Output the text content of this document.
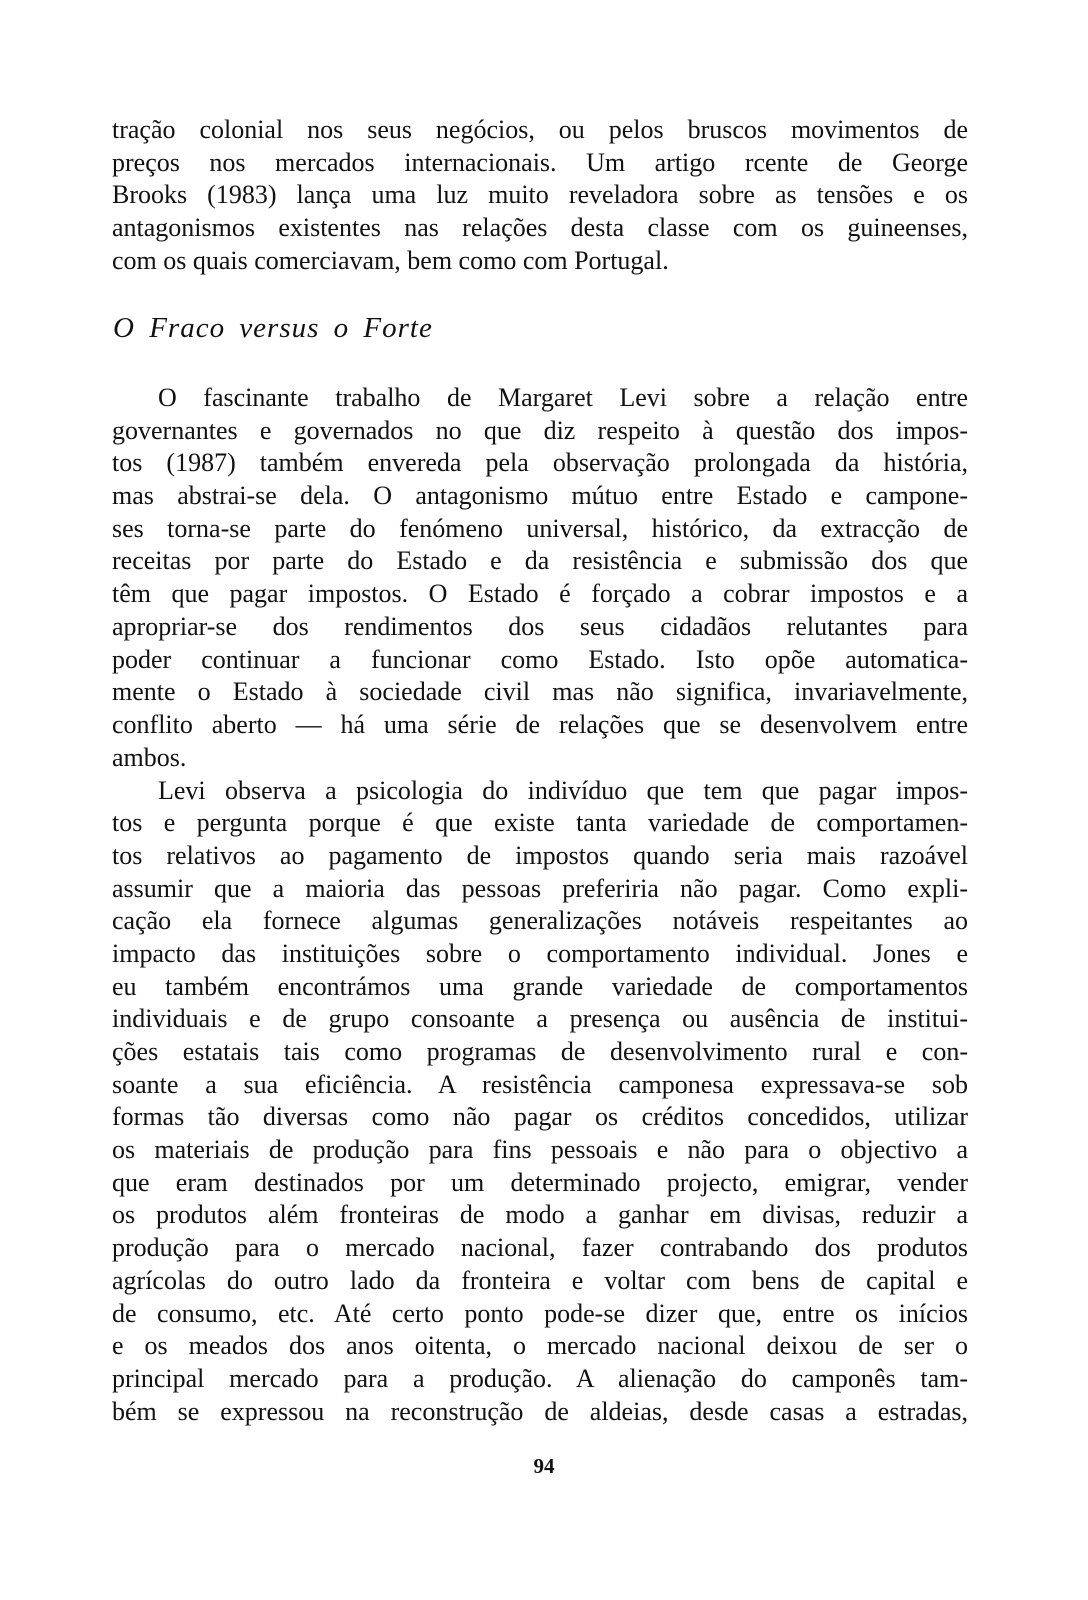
tração colonial nos seus negócios, ou pelos bruscos movimentos de
preços nos mercados internacionais. Um artigo rcente de George
Brooks (1983) lança uma luz muito reveladora sobre as tensões e os
antagonismos existentes nas relações desta classe com os guineenses,
com os quais comerciavam, bem como com Portugal.
O Fraco versus o Forte
O fascinante trabalho de Margaret Levi sobre a relação entre
governantes e governados no que diz respeito à questão dos impos-
tos (1987) também envereda pela observação prolongada da história,
mas abstrai-se dela. O antagonismo mútuo entre Estado e campone-
ses torna-se parte do fenómeno universal, histórico, da extracção de
receitas por parte do Estado e da resistência e submissão dos que
têm que pagar impostos. O Estado é forçado a cobrar impostos e a
apropriar-se dos rendimentos dos seus cidadãos relutantes para
poder continuar a funcionar como Estado. Isto opõe automatica-
mente o Estado à sociedade civil mas não significa, invariavelmente,
conflito aberto — há uma série de relações que se desenvolvem entre
ambos.
Levi observa a psicologia do indivíduo que tem que pagar impos-
tos e pergunta porque é que existe tanta variedade de comportamen-
tos relativos ao pagamento de impostos quando seria mais razoável
assumir que a maioria das pessoas preferiria não pagar. Como expli-
cação ela fornece algumas generalizações notáveis respeitantes ao
impacto das instituições sobre o comportamento individual. Jones e
eu também encontrámos uma grande variedade de comportamentos
individuais e de grupo consoante a presença ou ausência de institui-
ções estatais tais como programas de desenvolvimento rural e con-
soante a sua eficiência. A resistência camponesa expressava-se sob
formas tão diversas como não pagar os créditos concedidos, utilizar
os materiais de produção para fins pessoais e não para o objectivo a
que eram destinados por um determinado projecto, emigrar, vender
os produtos além fronteiras de modo a ganhar em divisas, reduzir a
produção para o mercado nacional, fazer contrabando dos produtos
agrícolas do outro lado da fronteira e voltar com bens de capital e
de consumo, etc. Até certo ponto pode-se dizer que, entre os inícios
e os meados dos anos oitenta, o mercado nacional deixou de ser o
principal mercado para a produção. A alienação do camponês tam-
bém se expressou na reconstrução de aldeias, desde casas a estradas,
94
